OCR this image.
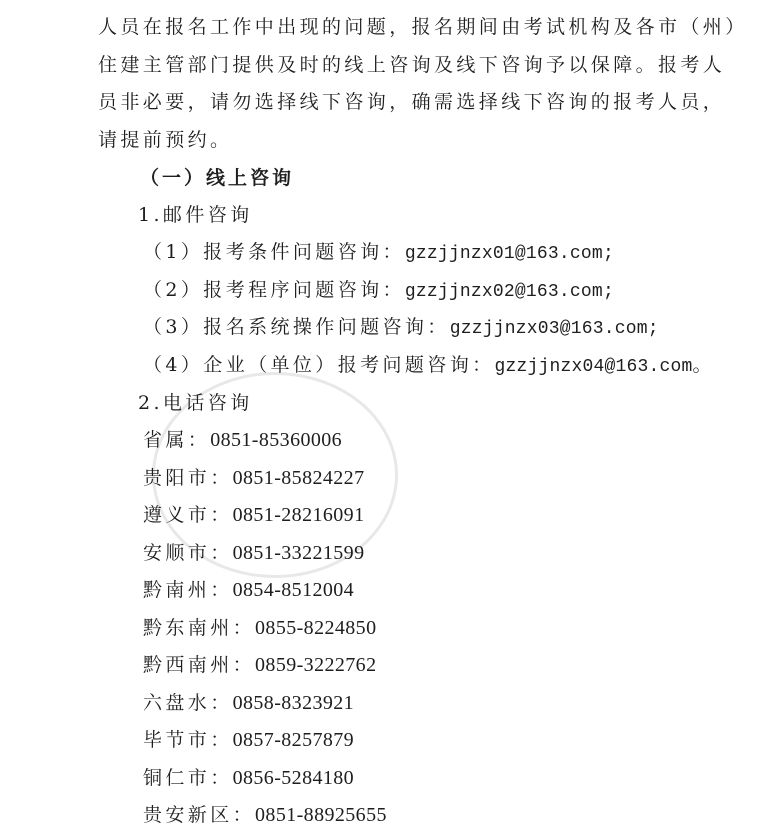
人员在报名工作中出现的问题，报名期间由考试机构及各市（州）
住建主管部门提供及时的线上咨询及线下咨询予以保障。报考人
员非必要，请勿选择线下咨询，确需选择线下咨询的报考人员，
请提前预约。
（一）线上咨询
1.邮件咨询
（1）报考条件问题咨询：gzzjjnzx01@163.com;
（2）报考程序问题咨询：gzzjjnzx02@163.com;
（3）报名系统操作问题咨询：gzzjjnzx03@163.com;
（4）企业（单位）报考问题咨询：gzzjjnzx04@163.com。
2.电话咨询
省属：0851-85360006
贵阳市：0851-85824227
遵义市：0851-28216091
安顺市：0851-33221599
黔南州：0854-8512004
黔东南州：0855-8224850
黔西南州：0859-3222762
六盘水：0858-8323921
毕节市：0857-8257879
铜仁市：0856-5284180
贵安新区：0851-88925655
